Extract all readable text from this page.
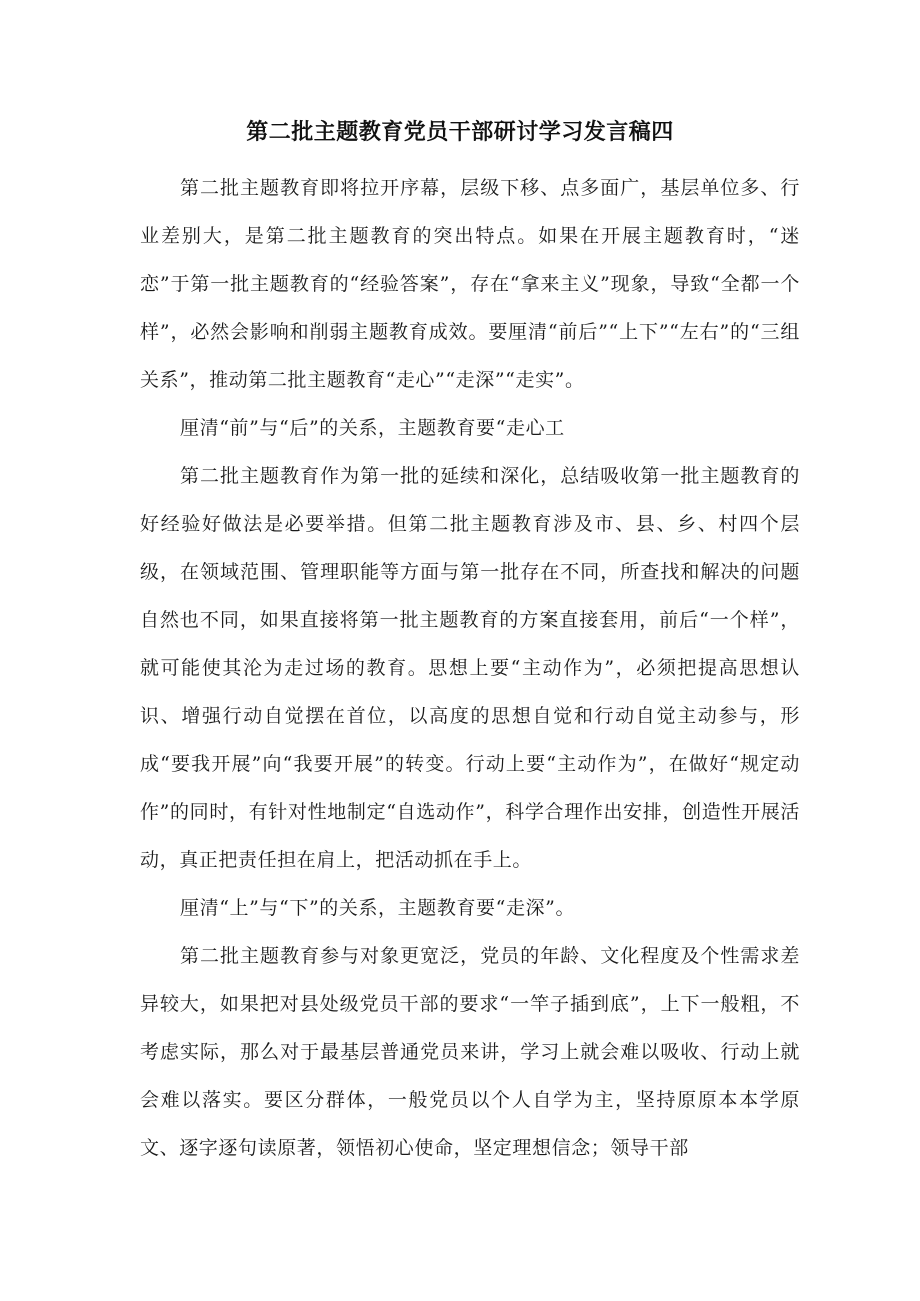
第二批主题教育党员干部研讨学习发言稿四

第二批主题教育即将拉开序幕，层级下移、点多面广，基层单位多、行业差别大，是第二批主题教育的突出特点。如果在开展主题教育时，“迷恋”于第一批主题教育的“经验答案”，存在“拿来主义”现象，导致“全都一个样”，必然会影响和削弱主题教育成效。要厘清“前后”“上下”“左右”的“三组关系”，推动第二批主题教育“走心”“走深”“走实”。

厘清“前”与“后”的关系，主题教育要“走心工

第二批主题教育作为第一批的延续和深化，总结吸收第一批主题教育的好经验好做法是必要举措。但第二批主题教育涉及市、县、乡、村四个层级，在领域范围、管理职能等方面与第一批存在不同，所查找和解决的问题自然也不同，如果直接将第一批主题教育的方案直接套用，前后“一个样”，就可能使其沦为走过场的教育。思想上要“主动作为”，必须把提高思想认识、增强行动自觉摆在首位，以高度的思想自觉和行动自觉主动参与，形成“要我开展”向“我要开展”的转变。行动上要“主动作为”，在做好“规定动作”的同时，有针对性地制定“自选动作”，科学合理作出安排，创造性开展活动，真正把责任担在肩上，把活动抓在手上。

厘清“上”与“下”的关系，主题教育要“走深”。

第二批主题教育参与对象更宽泛，党员的年龄、文化程度及个性需求差异较大，如果把对县处级党员干部的要求“一竿子插到底”，上下一般粗，不考虑实际，那么对于最基层普通党员来讲，学习上就会难以吸收、行动上就会难以落实。要区分群体，一般党员以个人自学为主，坚持原原本本学原文、逐字逐句读原著，领悟初心使命，坚定理想信念；领导干部
